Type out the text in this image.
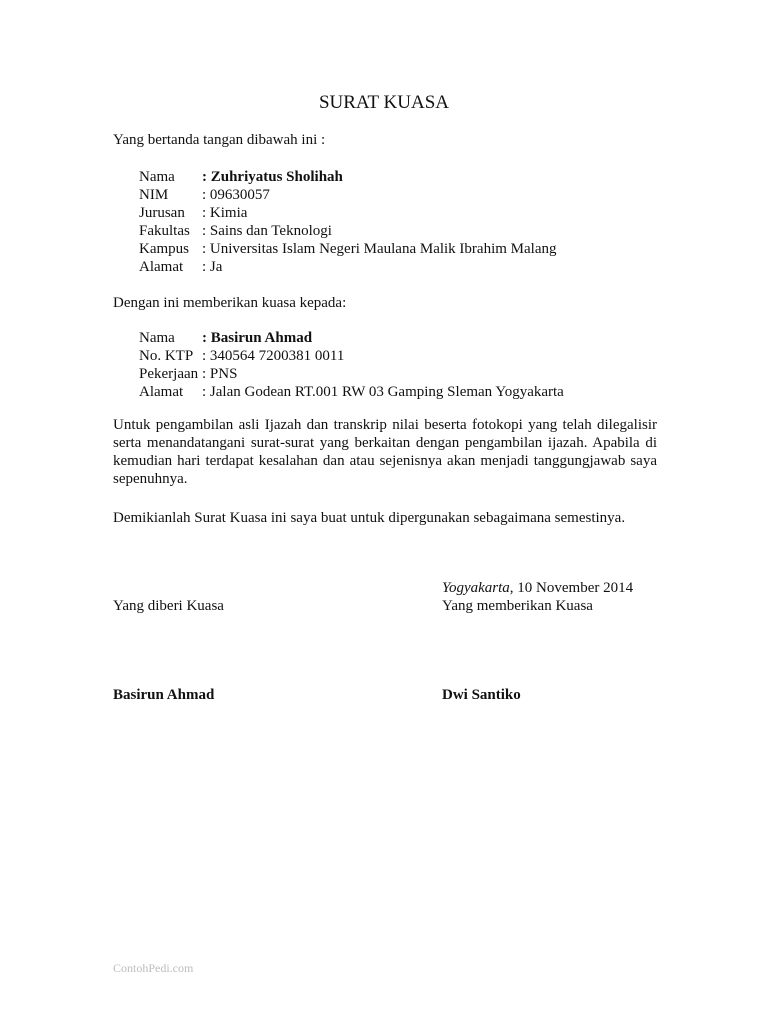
SURAT KUASA
Yang bertanda tangan dibawah ini :
Nama : Zuhriyatus Sholihah
NIM : 09630057
Jurusan : Kimia
Fakultas : Sains dan Teknologi
Kampus : Universitas Islam Negeri Maulana Malik Ibrahim Malang
Alamat : Ja
Dengan ini memberikan kuasa kepada:
Nama : Basirun Ahmad
No. KTP : 340564 7200381 0011
Pekerjaan : PNS
Alamat : Jalan Godean RT.001 RW 03 Gamping Sleman Yogyakarta
Untuk pengambilan asli Ijazah dan transkrip nilai beserta fotokopi yang telah dilegalisir serta menandatangani surat-surat yang berkaitan dengan pengambilan ijazah. Apabila di kemudian hari terdapat kesalahan dan atau sejenisnya akan menjadi tanggungjawab saya sepenuhnya.
Demikianlah Surat Kuasa ini saya buat untuk dipergunakan sebagaimana semestinya.
Yogyakarta, 10 November 2014
Yang diberi Kuasa	Yang memberikan Kuasa
Basirun Ahmad	Dwi Santiko
ContohPedi.com
